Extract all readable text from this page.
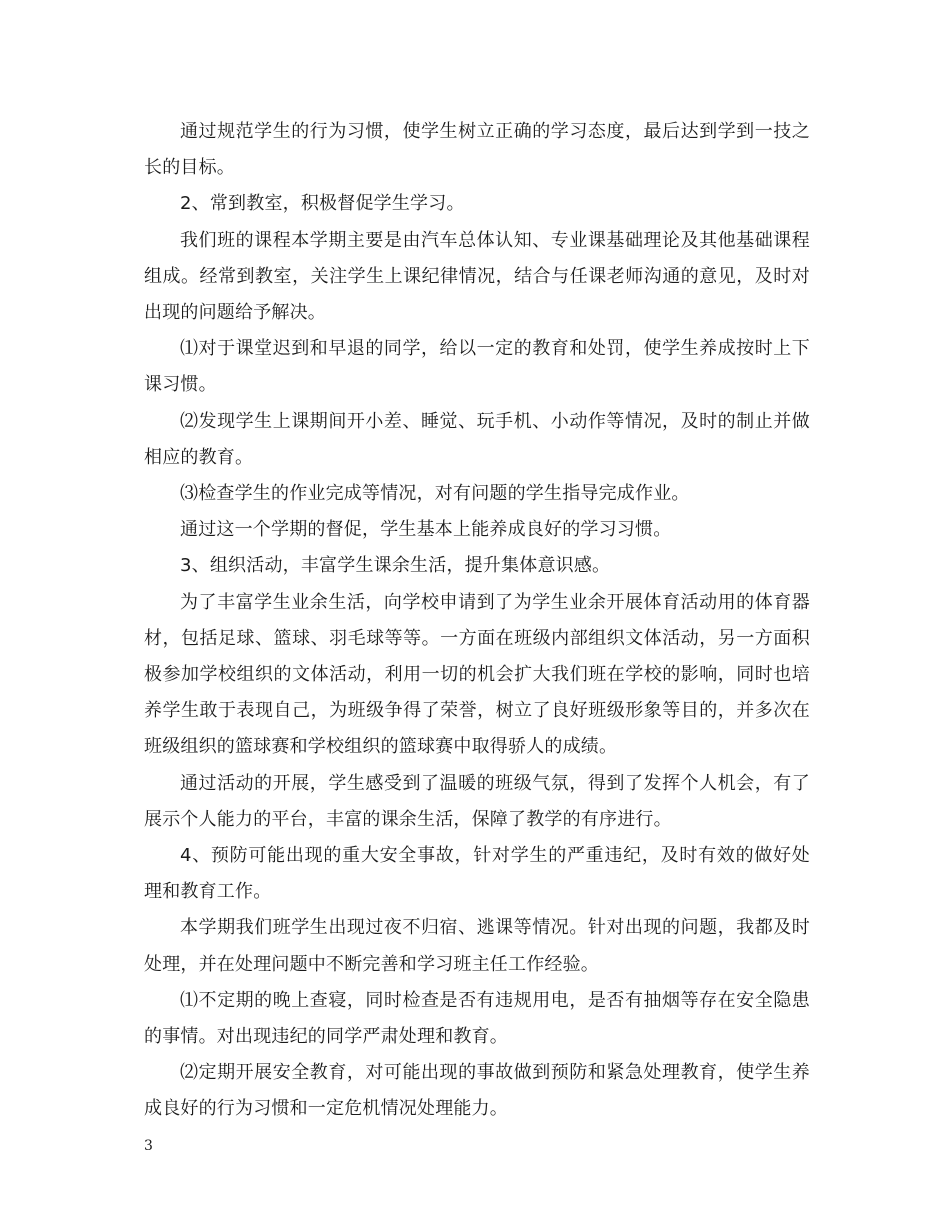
通过规范学生的行为习惯，使学生树立正确的学习态度，最后达到学到一技之长的目标。

2、常到教室，积极督促学生学习。

我们班的课程本学期主要是由汽车总体认知、专业课基础理论及其他基础课程组成。经常到教室，关注学生上课纪律情况，结合与任课老师沟通的意见，及时对出现的问题给予解决。

⑴对于课堂迟到和早退的同学，给以一定的教育和处罚，使学生养成按时上下课习惯。

⑵发现学生上课期间开小差、睡觉、玩手机、小动作等情况，及时的制止并做相应的教育。

⑶检查学生的作业完成等情况，对有问题的学生指导完成作业。

通过这一个学期的督促，学生基本上能养成良好的学习习惯。

3、组织活动，丰富学生课余生活，提升集体意识感。

为了丰富学生业余生活，向学校申请到了为学生业余开展体育活动用的体育器材，包括足球、篮球、羽毛球等等。一方面在班级内部组织文体活动，另一方面积极参加学校组织的文体活动，利用一切的机会扩大我们班在学校的影响，同时也培养学生敢于表现自己，为班级争得了荣誉，树立了良好班级形象等目的，并多次在班级组织的篮球赛和学校组织的篮球赛中取得骄人的成绩。

通过活动的开展，学生感受到了温暖的班级气氛，得到了发挥个人机会，有了展示个人能力的平台，丰富的课余生活，保障了教学的有序进行。

4、预防可能出现的重大安全事故，针对学生的严重违纪，及时有效的做好处理和教育工作。

本学期我们班学生出现过夜不归宿、逃课等情况。针对出现的问题，我都及时处理，并在处理问题中不断完善和学习班主任工作经验。

⑴不定期的晚上查寝，同时检查是否有违规用电，是否有抽烟等存在安全隐患的事情。对出现违纪的同学严肃处理和教育。

⑵定期开展安全教育，对可能出现的事故做到预防和紧急处理教育，使学生养成良好的行为习惯和一定危机情况处理能力。

3
